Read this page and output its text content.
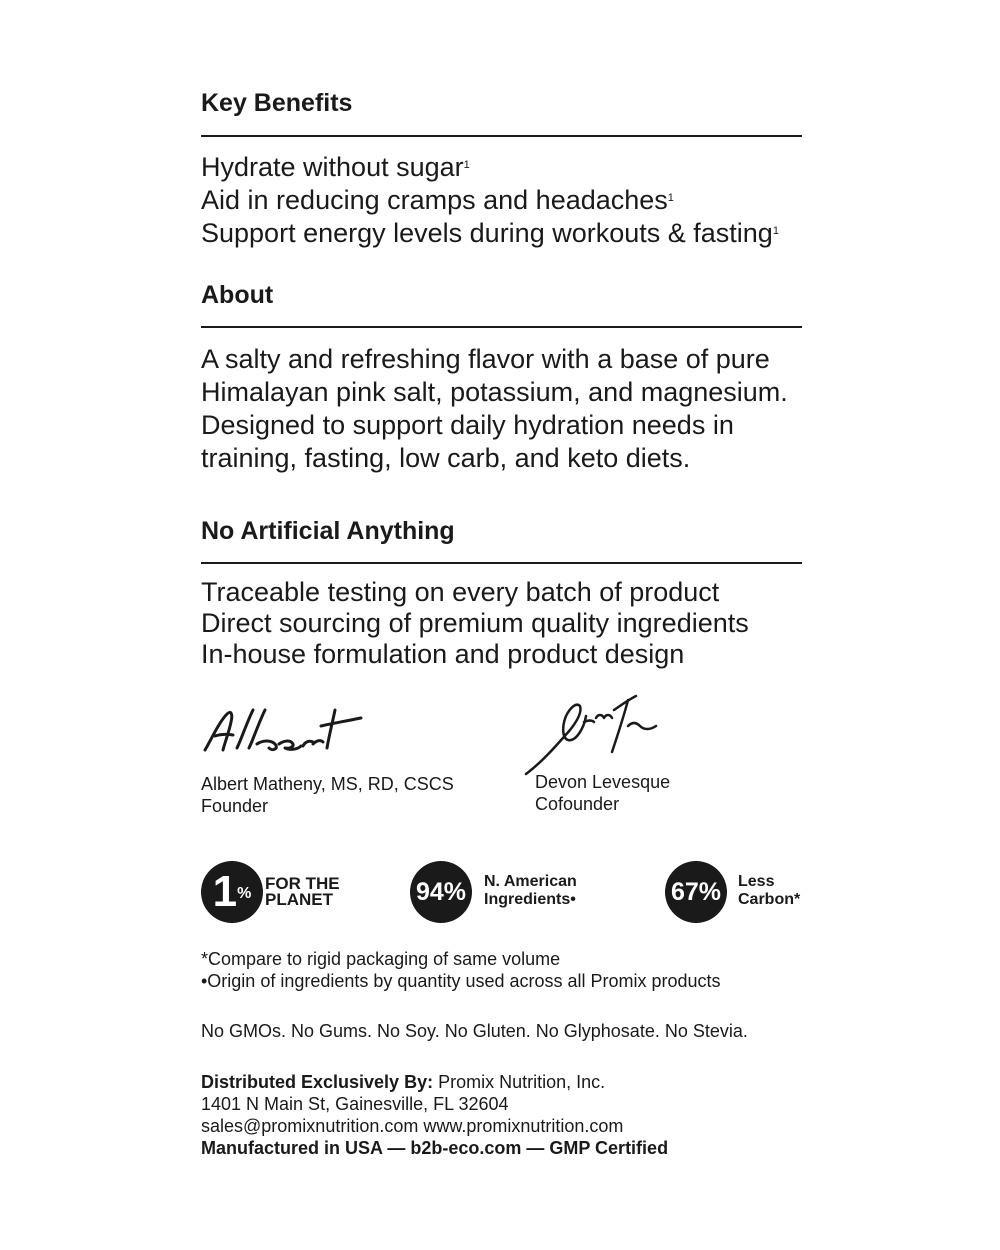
Key Benefits
Hydrate without sugar$^1$
Aid in reducing cramps and headaches$^1$
Support energy levels during workouts & fasting$^1$
About
A salty and refreshing flavor with a base of pure
Himalayan pink salt, potassium, and magnesium.
Designed to support daily hydration needs in
training, fasting, low carb, and keto diets.
No Artificial Anything
Traceable testing on every batch of product
Direct sourcing of premium quality ingredients
In-house formulation and product design
Albert Matheny, MS, RD, CSCS
Founder
Devon Levesque
Cofounder
1 %
FOR THE
PLANET	94% N. American
Ingredients•	67% Less
Carbon*
*Compare to rigid packaging of same volume
•Origin of ingredients by quantity used across all Promix products
No GMOs. No Gums. No Soy. No Gluten. No Glyphosate. No Stevia.
Distributed Exclusively By: Promix Nutrition, Inc.
1401 N Main St, Gainesville, FL 32604
sales@promixnutrition.com www.promixnutrition.com
Manufactured in USA — b2b-eco.com — GMP Certified
